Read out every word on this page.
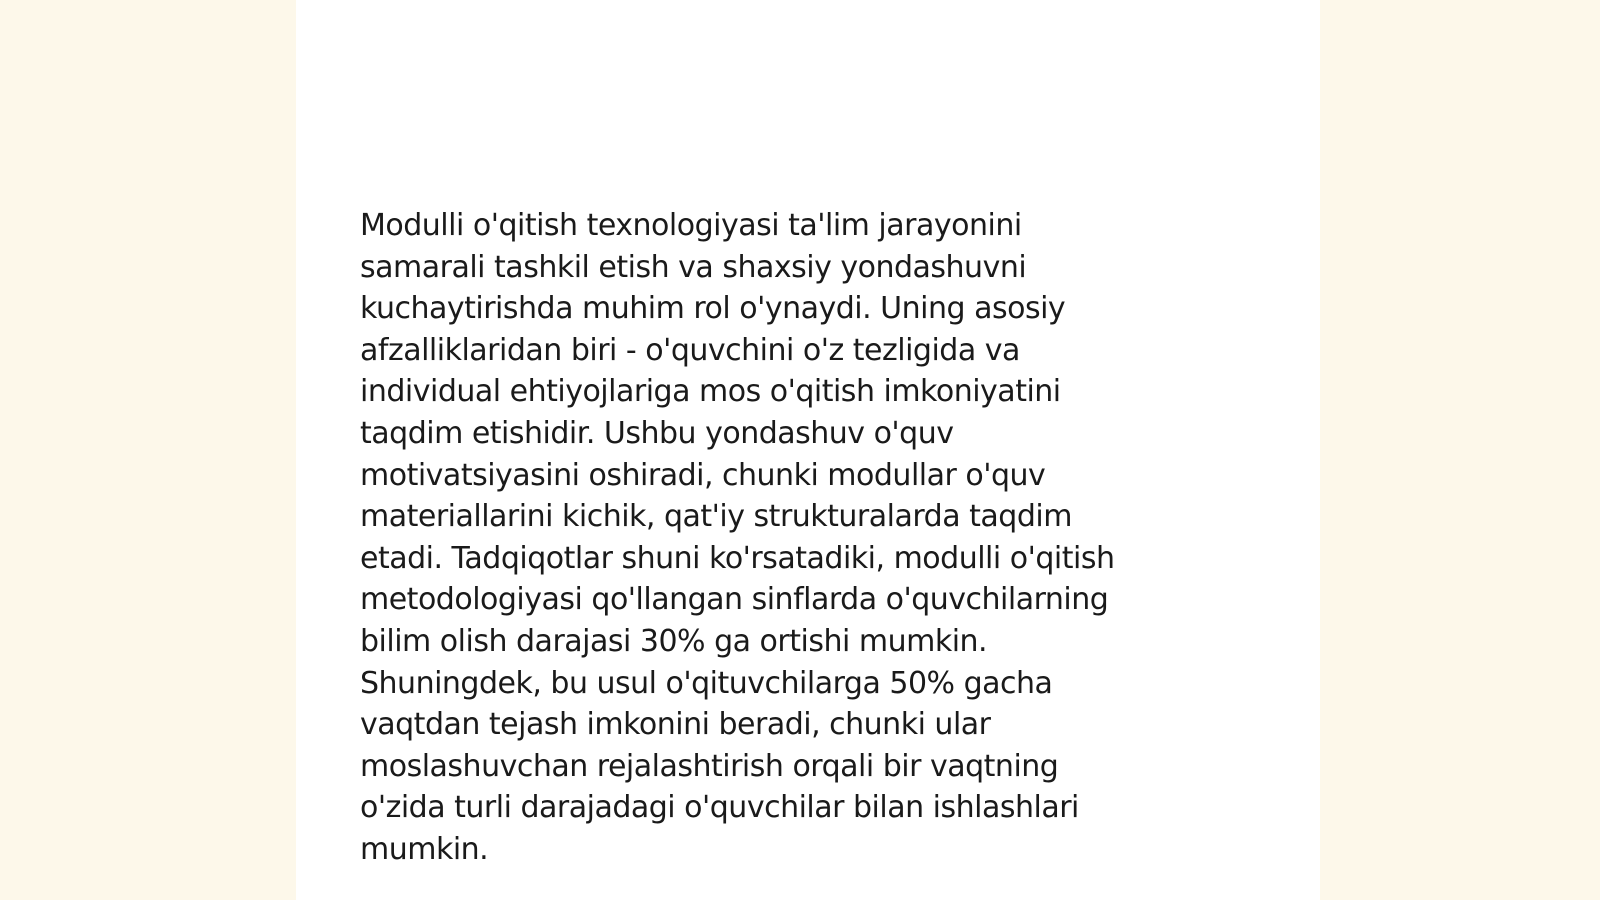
Modulli o'qitish texnologiyasi ta'lim jarayonini
samarali tashkil etish va shaxsiy yondashuvni
kuchaytirishda muhim rol o'ynaydi. Uning asosiy
afzalliklaridan biri - o'quvchini o'z tezligida va
individual ehtiyojlariga mos o'qitish imkoniyatini
taqdim etishidir. Ushbu yondashuv o'quv
motivatsiyasini oshiradi, chunki modullar o'quv
materiallarini kichik, qat'iy strukturalarda taqdim
etadi. Tadqiqotlar shuni ko'rsatadiki, modulli o'qitish
metodologiyasi qo'llangan sinflarda o'quvchilarning
bilim olish darajasi 30% ga ortishi mumkin.
Shuningdek, bu usul o'qituvchilarga 50% gacha
vaqtdan tejash imkonini beradi, chunki ular
moslashuvchan rejalashtirish orqali bir vaqtning
o'zida turli darajadagi o'quvchilar bilan ishlashlari
mumkin.
